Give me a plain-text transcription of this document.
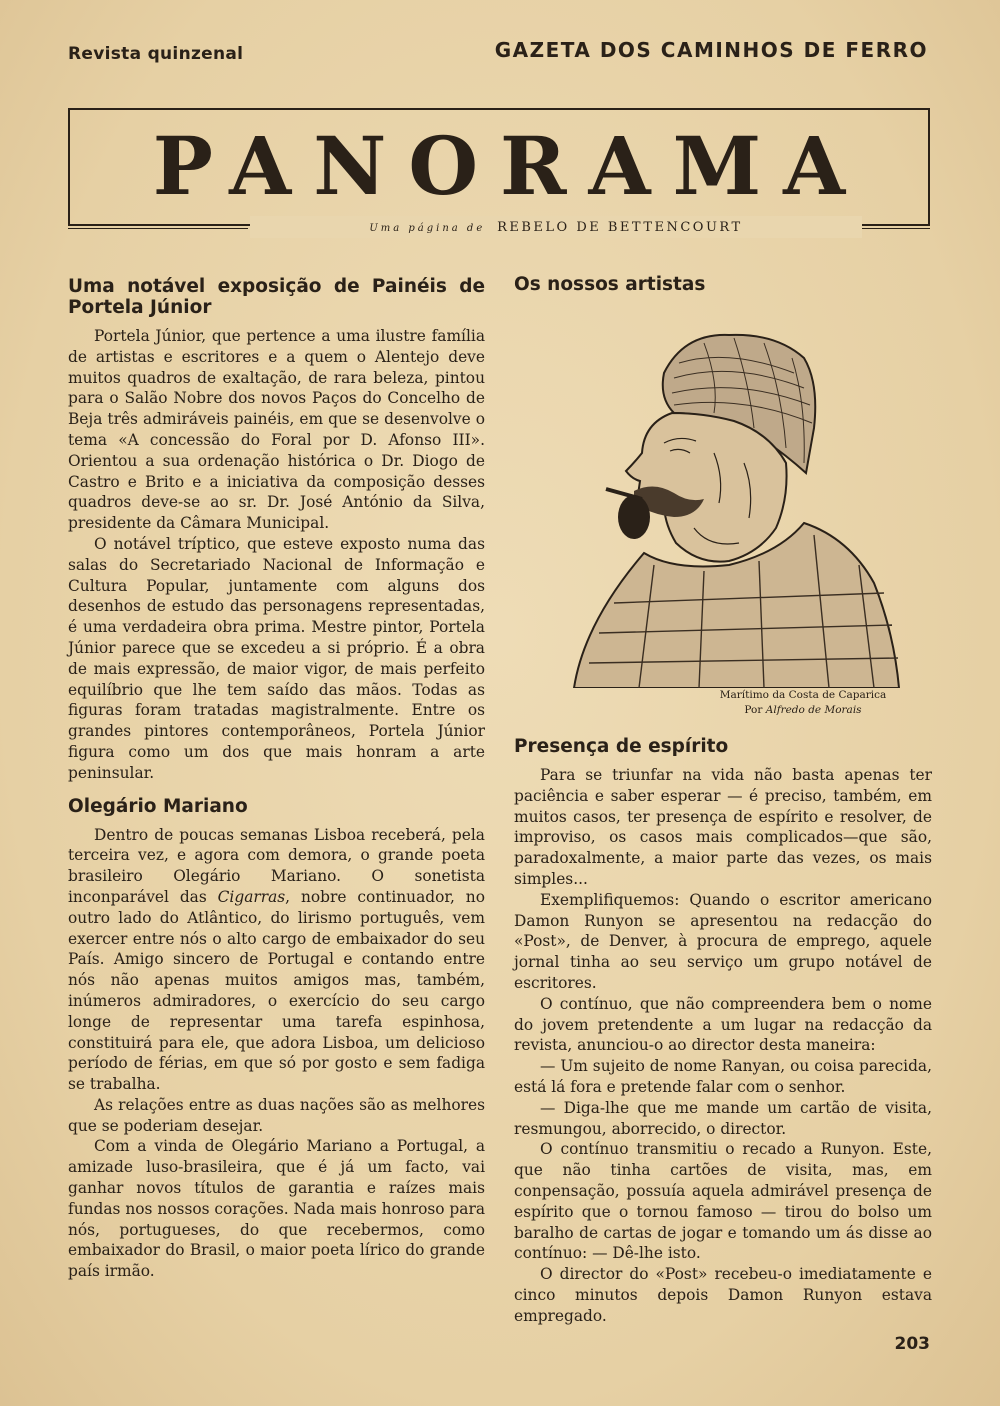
Revista quinzenal	GAZETA DOS CAMINHOS DE FERRO
PANORAMA
Uma página de REBELO DE BETTENCOURT
Uma notável exposição de Painéis de Portela Júnior

Portela Júnior, que pertence a uma ilustre família de artistas e escritores e a quem o Alentejo deve muitos quadros de exaltação, de rara beleza, pintou para o Salão Nobre dos novos Paços do Concelho de Beja três admiráveis painéis, em que se desenvolve o tema «A concessão do Foral por D. Afonso III». Orientou a sua ordenação histórica o Dr. Diogo de Castro e Brito e a iniciativa da composição desses quadros deve-se ao sr. Dr. José António da Silva, presidente da Câmara Municipal.

O notável tríptico, que esteve exposto numa das salas do Secretariado Nacional de Informação e Cultura Popular, juntamente com alguns dos desenhos de estudo das personagens representadas, é uma verdadeira obra prima. Mestre pintor, Portela Júnior parece que se excedeu a si próprio. É a obra de mais expressão, de maior vigor, de mais perfeito equilíbrio que lhe tem saído das mãos. Todas as figuras foram tratadas magistralmente. Entre os grandes pintores contemporâneos, Portela Júnior figura como um dos que mais honram a arte peninsular.

Olegário Mariano

Dentro de poucas semanas Lisboa receberá, pela terceira vez, e agora com demora, o grande poeta brasileiro Olegário Mariano. O sonetista inconparável das Cigarras, nobre continuador, no outro lado do Atlântico, do lirismo português, vem exercer entre nós o alto cargo de embaixador do seu País. Amigo sincero de Portugal e contando entre nós não apenas muitos amigos mas, também, inúmeros admiradores, o exercício do seu cargo longe de representar uma tarefa espinhosa, constituirá para ele, que adora Lisboa, um delicioso período de férias, em que só por gosto e sem fadiga se trabalha.

As relações entre as duas nações são as melhores que se poderiam desejar.

Com a vinda de Olegário Mariano a Portugal, a amizade luso-brasileira, que é já um facto, vai ganhar novos títulos de garantia e raízes mais fundas nos nossos corações. Nada mais honroso para nós, portugueses, do que recebermos, como embaixador do Brasil, o maior poeta lírico do grande país irmão.

Os nossos artistas
Marítimo da Costa de Caparica
Por Alfredo de Morais
Presença de espírito

Para se triunfar na vida não basta apenas ter paciência e saber esperar — é preciso, também, em muitos casos, ter presença de espírito e resolver, de improviso, os casos mais complicados—que são, paradoxalmente, a maior parte das vezes, os mais simples...

Exemplifiquemos: Quando o escritor americano Damon Runyon se apresentou na redacção do «Post», de Denver, à procura de emprego, aquele jornal tinha ao seu serviço um grupo notável de escritores.

O contínuo, que não compreendera bem o nome do jovem pretendente a um lugar na redacção da revista, anunciou-o ao director desta maneira:

— Um sujeito de nome Ranyan, ou coisa parecida, está lá fora e pretende falar com o senhor.

— Diga-lhe que me mande um cartão de visita, resmungou, aborrecido, o director.

O contínuo transmitiu o recado a Runyon. Este, que não tinha cartões de visita, mas, em conpensação, possuía aquela admirável presença de espírito que o tornou famoso — tirou do bolso um baralho de cartas de jogar e tomando um ás disse ao contínuo: — Dê-lhe isto.

O director do «Post» recebeu-o imediatamente e cinco minutos depois Damon Runyon estava empregado.

203
